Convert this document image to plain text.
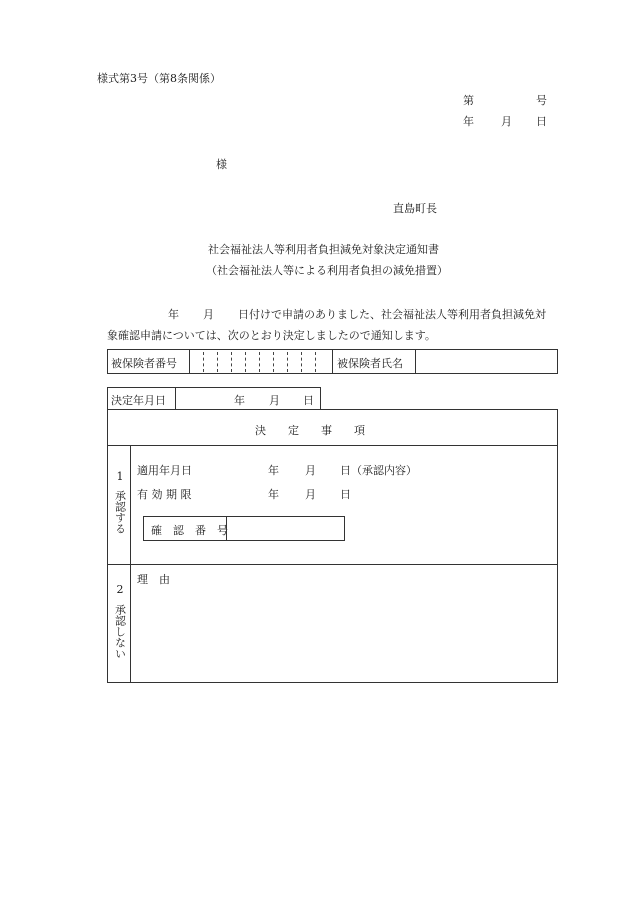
様式第3号（第8条関係）
第	号
年 月 日
様
直島町長
社会福祉法人等利用者負担減免対象決定通知書
（社会福祉法人等による利用者負担の減免措置）
年 月 日付けで申請のありました、社会福祉法人等利用者負担減免対
象確認申請については、次のとおり決定しましたので通知します。
被保険者番号	被保険者氏名
決定年月日	年 月 日
決　　定　　事　　項
1
承認する
適用年月日	年 月 日 （承認内容）
有 効 期 限	年 月 日
確　認　番　号
2
承認しない
理　由
